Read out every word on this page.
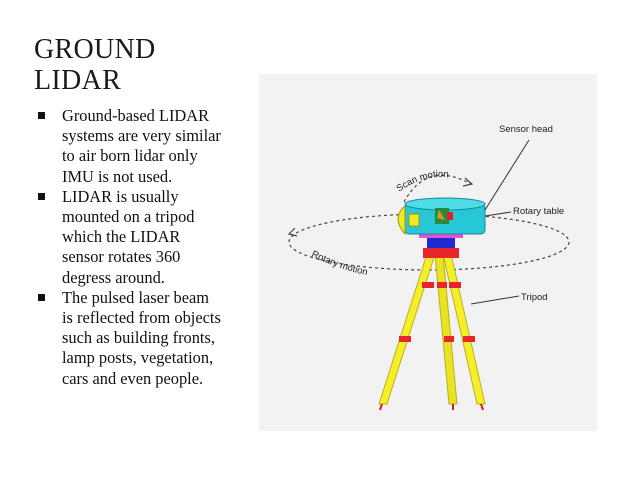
GROUND
LIDAR
Ground-based LIDAR
systems are very similar
to air born lidar only
IMU is not used.
LIDAR is usually
mounted on a tripod
which the LIDAR
sensor rotates 360
degress around.
The pulsed laser beam
is reflected from objects
such as building fronts,
lamp posts, vegetation,
cars and even people.
Sensor head
Rotary table
Tripod
Scan motion
Rotary motion
